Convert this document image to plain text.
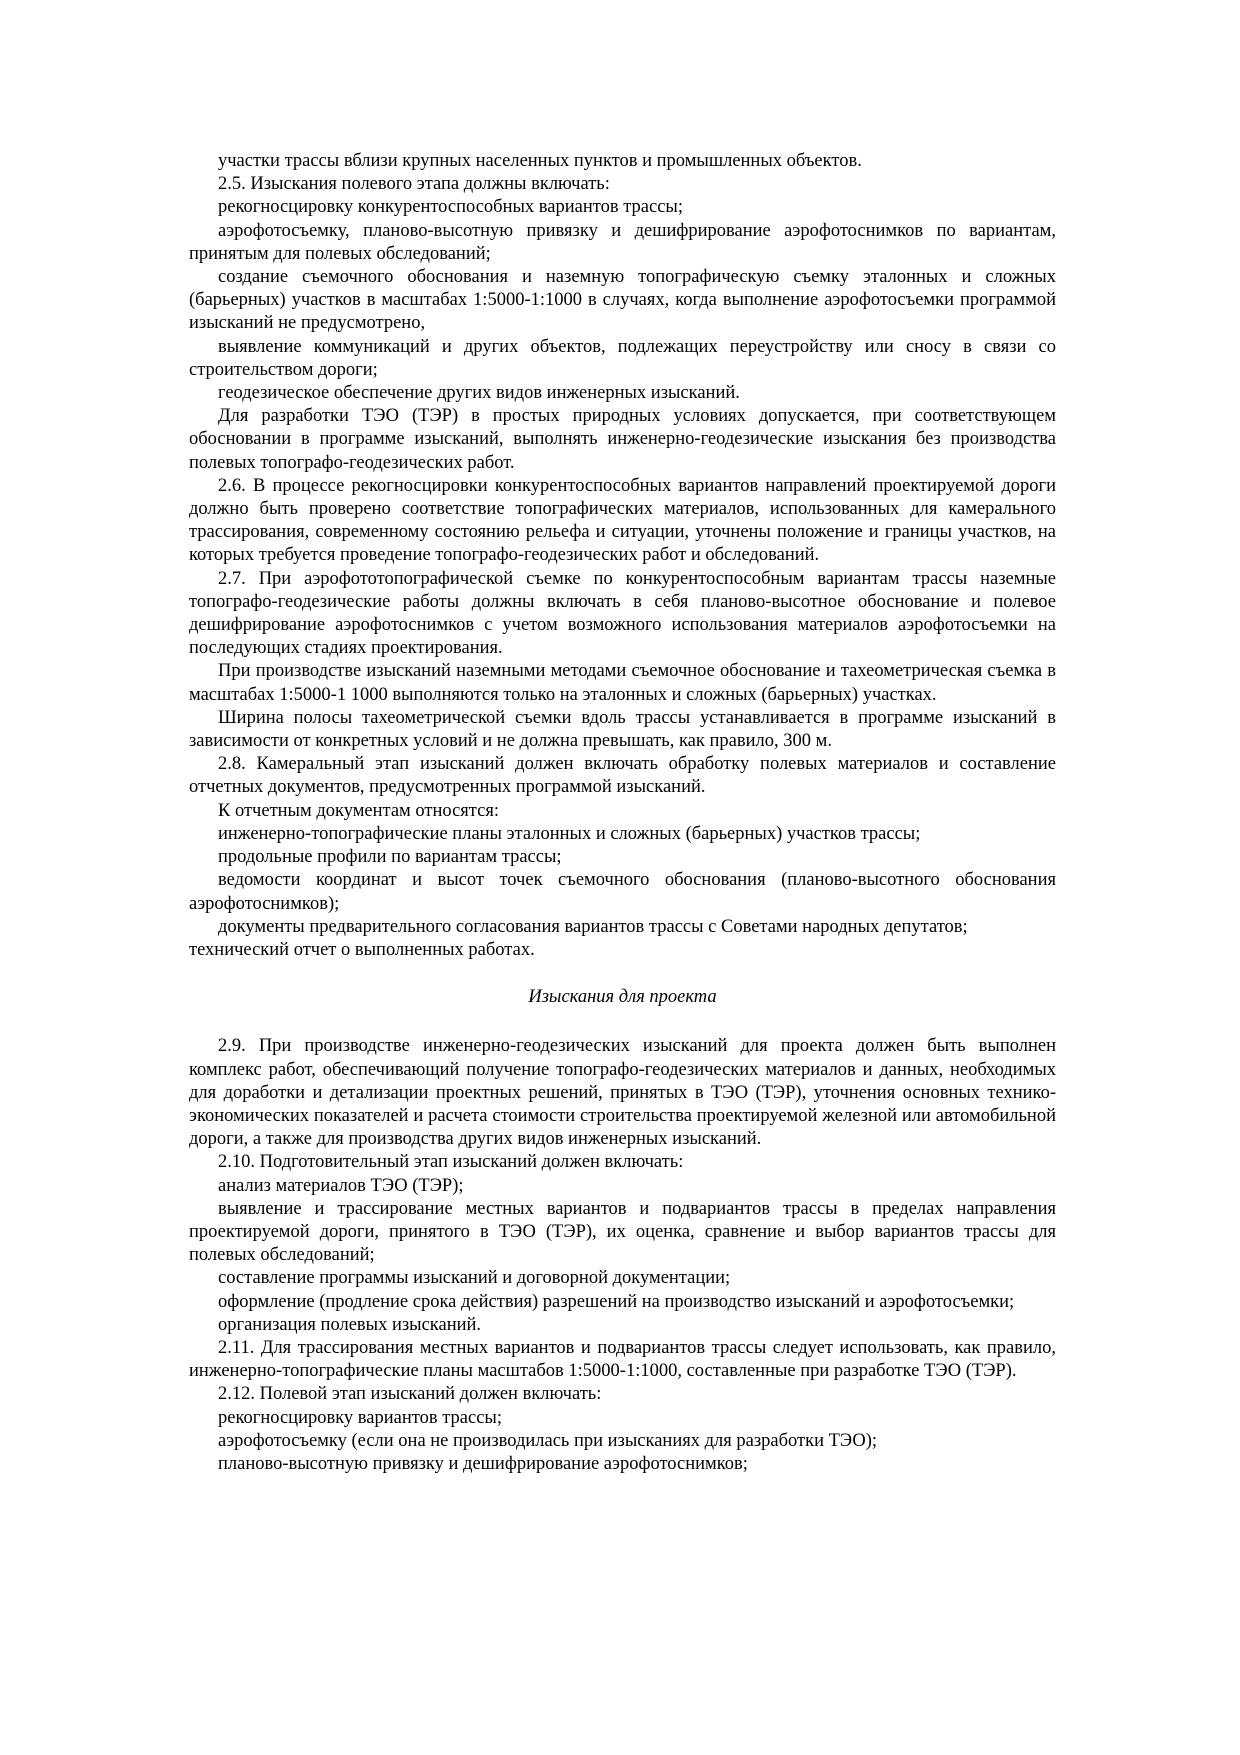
участки трассы вблизи крупных населенных пунктов и промышленных объектов.

2.5. Изыскания полевого этапа должны включать:

рекогносцировку конкурентоспособных вариантов трассы;

аэрофотосъемку, планово-высотную привязку и дешифрирование аэрофотоснимков по вариантам, принятым для полевых обследований;

создание съемочного обоснования и наземную топографическую съемку эталонных и сложных (барьерных) участков в масштабах 1:5000-1:1000 в случаях, когда выполнение аэрофотосъемки программой изысканий не предусмотрено,

выявление коммуникаций и других объектов, подлежащих переустройству или сносу в связи со строительством дороги;

геодезическое обеспечение других видов инженерных изысканий.

Для разработки ТЭО (ТЭР) в простых природных условиях допускается, при соответствующем обосновании в программе изысканий, выполнять инженерно-геодезические изыскания без производства полевых топографо-геодезических работ.

2.6. В процессе рекогносцировки конкурентоспособных вариантов направлений проектируемой дороги должно быть проверено соответствие топографических материалов, использованных для камерального трассирования, современному состоянию рельефа и ситуации, уточнены положение и границы участков, на которых требуется проведение топографо-геодезических работ и обследований.

2.7. При аэрофототопографической съемке по конкурентоспособным вариантам трассы наземные топографо-геодезические работы должны включать в себя планово-высотное обоснование и полевое дешифрирование аэрофотоснимков с учетом возможного использования материалов аэрофотосъемки на последующих стадиях проектирования.

При производстве изысканий наземными методами съемочное обоснование и тахеометрическая съемка в масштабах 1:5000-1 1000 выполняются только на эталонных и сложных (барьерных) участках.

Ширина полосы тахеометрической съемки вдоль трассы устанавливается в программе изысканий в зависимости от конкретных условий и не должна превышать, как правило, 300 м.

2.8. Камеральный этап изысканий должен включать обработку полевых материалов и составление отчетных документов, предусмотренных программой изысканий.

К отчетным документам относятся:

инженерно-топографические планы эталонных и сложных (барьерных) участков трассы;

продольные профили по вариантам трассы;

ведомости координат и высот точек съемочного обоснования (планово-высотного обоснования аэрофотоснимков);

документы предварительного согласования вариантов трассы с Советами народных депутатов;

технический отчет о выполненных работах.

Изыскания для проекта

2.9. При производстве инженерно-геодезических изысканий для проекта должен быть выполнен комплекс работ, обеспечивающий получение топографо-геодезических материалов и данных, необходимых для доработки и детализации проектных решений, принятых в ТЭО (ТЭР), уточнения основных технико-экономических показателей и расчета стоимости строительства проектируемой железной или автомобильной дороги, а также для производства других видов инженерных изысканий.

2.10. Подготовительный этап изысканий должен включать:

анализ материалов ТЭО (ТЭР);

выявление и трассирование местных вариантов и подвариантов трассы в пределах направления проектируемой дороги, принятого в ТЭО (ТЭР), их оценка, сравнение и выбор вариантов трассы для полевых обследований;

составление программы изысканий и договорной документации;

оформление (продление срока действия) разрешений на производство изысканий и аэрофотосъемки;

организация полевых изысканий.

2.11. Для трассирования местных вариантов и подвариантов трассы следует использовать, как правило, инженерно-топографические планы масштабов 1:5000-1:1000, составленные при разработке ТЭО (ТЭР).

2.12. Полевой этап изысканий должен включать:

рекогносцировку вариантов трассы;

аэрофотосъемку (если она не производилась при изысканиях для разработки ТЭО);

планово-высотную привязку и дешифрирование аэрофотоснимков;
